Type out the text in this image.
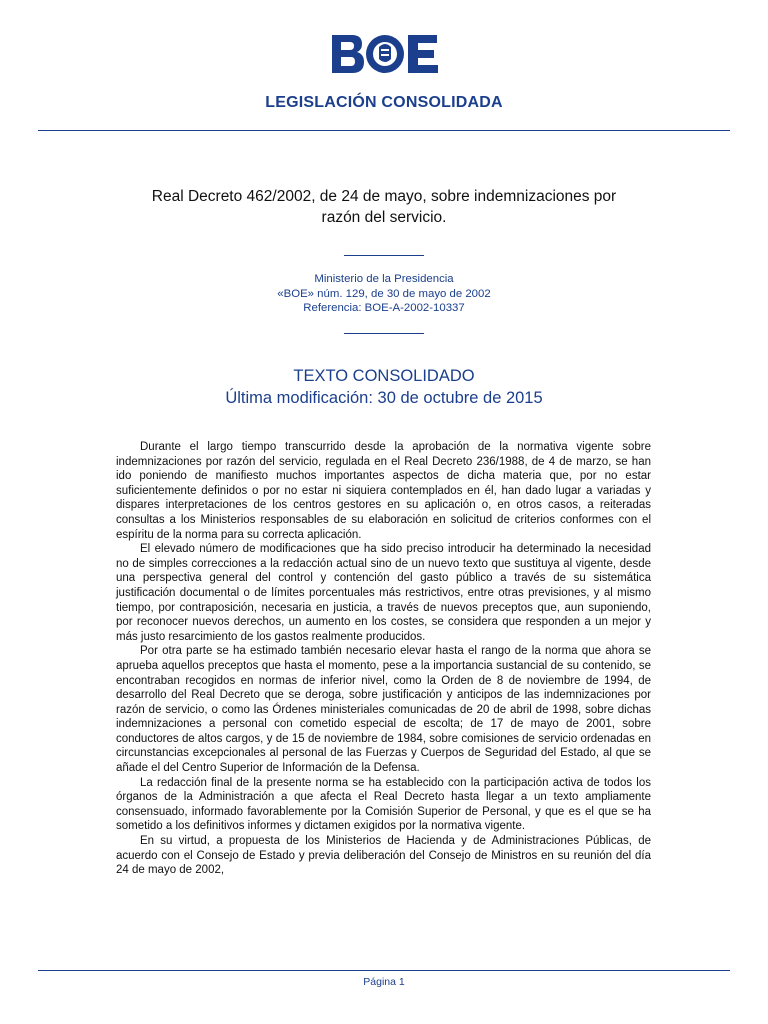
LEGISLACIÓN CONSOLIDADA
Real Decreto 462/2002, de 24 de mayo, sobre indemnizaciones por
razón del servicio.
Ministerio de la Presidencia
«BOE» núm. 129, de 30 de mayo de 2002
Referencia: BOE-A-2002-10337
TEXTO CONSOLIDADO
Última modificación: 30 de octubre de 2015

Durante el largo tiempo transcurrido desde la aprobación de la normativa vigente sobre indemnizaciones por razón del servicio, regulada en el Real Decreto 236/1988, de 4 de marzo, se han ido poniendo de manifiesto muchos importantes aspectos de dicha materia que, por no estar suficientemente definidos o por no estar ni siquiera contemplados en él, han dado lugar a variadas y dispares interpretaciones de los centros gestores en su aplicación o, en otros casos, a reiteradas consultas a los Ministerios responsables de su elaboración en solicitud de criterios conformes con el espíritu de la norma para su correcta aplicación.

El elevado número de modificaciones que ha sido preciso introducir ha determinado la necesidad no de simples correcciones a la redacción actual sino de un nuevo texto que sustituya al vigente, desde una perspectiva general del control y contención del gasto público a través de su sistemática justificación documental o de límites porcentuales más restrictivos, entre otras previsiones, y al mismo tiempo, por contraposición, necesaria en justicia, a través de nuevos preceptos que, aun suponiendo, por reconocer nuevos derechos, un aumento en los costes, se considera que responden a un mejor y más justo resarcimiento de los gastos realmente producidos.

Por otra parte se ha estimado también necesario elevar hasta el rango de la norma que ahora se aprueba aquellos preceptos que hasta el momento, pese a la importancia sustancial de su contenido, se encontraban recogidos en normas de inferior nivel, como la Orden de 8 de noviembre de 1994, de desarrollo del Real Decreto que se deroga, sobre justificación y anticipos de las indemnizaciones por razón de servicio, o como las Órdenes ministeriales comunicadas de 20 de abril de 1998, sobre dichas indemnizaciones a personal con cometido especial de escolta; de 17 de mayo de 2001, sobre conductores de altos cargos, y de 15 de noviembre de 1984, sobre comisiones de servicio ordenadas en circunstancias excepcionales al personal de las Fuerzas y Cuerpos de Seguridad del Estado, al que se añade el del Centro Superior de Información de la Defensa.

La redacción final de la presente norma se ha establecido con la participación activa de todos los órganos de la Administración a que afecta el Real Decreto hasta llegar a un texto ampliamente consensuado, informado favorablemente por la Comisión Superior de Personal, y que es el que se ha sometido a los definitivos informes y dictamen exigidos por la normativa vigente.

En su virtud, a propuesta de los Ministerios de Hacienda y de Administraciones Públicas, de acuerdo con el Consejo de Estado y previa deliberación del Consejo de Ministros en su reunión del día 24 de mayo de 2002,

Página 1
